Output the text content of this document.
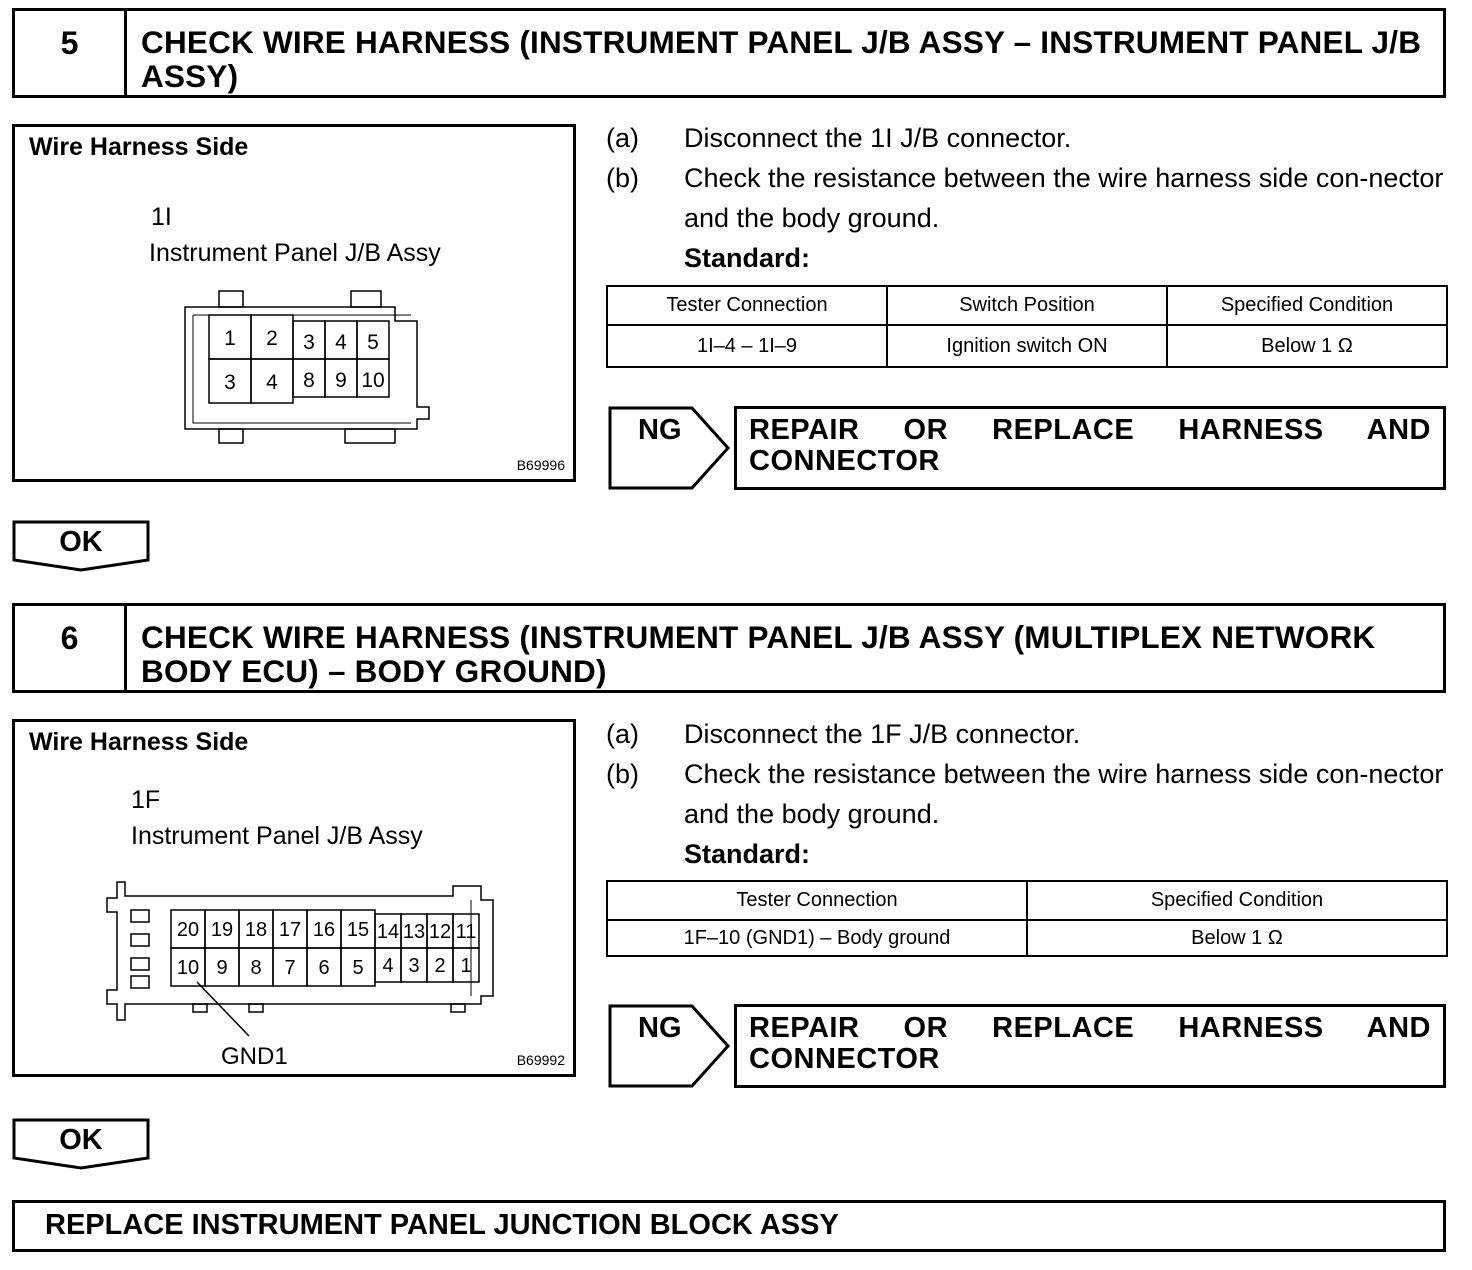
5	CHECK WIRE HARNESS (INSTRUMENT PANEL J/B ASSY – INSTRUMENT PANEL J/B ASSY)
Wire Harness Side
1I
Instrument Panel J/B Assy
1 2 3 4 5
3 4 8 9 10
B69996
(a) Disconnect the 1I J/B connector.
(b) Check the resistance between the wire harness side con-nector and the body ground.
Standard:
Tester Connection	Switch Position	Specified Condition
1I–4 – 1I–9	Ignition switch ON	Below 1 Ω
NG REPAIR OR REPLACE HARNESS AND CONNECTOR
OK
6	CHECK WIRE HARNESS (INSTRUMENT PANEL J/B ASSY (MULTIPLEX NETWORK BODY ECU) – BODY GROUND)
Wire Harness Side
1F
Instrument Panel J/B Assy
20 19 18 17 16 15 14 13 12 11
10 9 8 7 6 5 4 3 2 1
GND1	B69992
(a) Disconnect the 1F J/B connector.
(b) Check the resistance between the wire harness side con-nector and the body ground.
Standard:
Tester Connection	Specified Condition
1F–10 (GND1) – Body ground	Below 1 Ω
NG REPAIR OR REPLACE HARNESS AND CONNECTOR
OK
REPLACE INSTRUMENT PANEL JUNCTION BLOCK ASSY
